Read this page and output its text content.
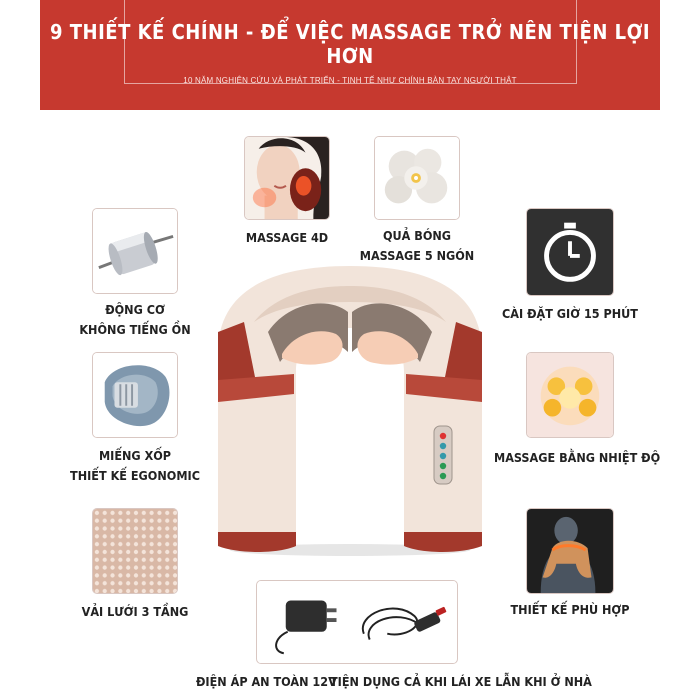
9 THIẾT KẾ CHÍNH - ĐỂ VIỆC MASSAGE TRỞ NÊN TIỆN LỢI HƠN
10 NĂM NGHIÊN CỨU VÀ PHÁT TRIỂN - TINH TẾ NHƯ CHÍNH BÀN TAY NGƯỜI THẬT
MASSAGE 4D	QUẢ BÓNG
MASSAGE 5 NGÓN
ĐỘNG CƠ
KHÔNG TIẾNG ỒN
CÀI ĐẶT GIỜ 15 PHÚT
MIẾNG XỐP
THIẾT KẾ EGONOMIC
MASSAGE BẰNG NHIỆT ĐỘ
VẢI LƯỚI 3 TẦNG	THIẾT KẾ PHÙ HỢP
ĐIỆN ÁP AN TOÀN 12V
TIỆN DỤNG CẢ KHI LÁI XE LẪN KHI Ở NHÀ
